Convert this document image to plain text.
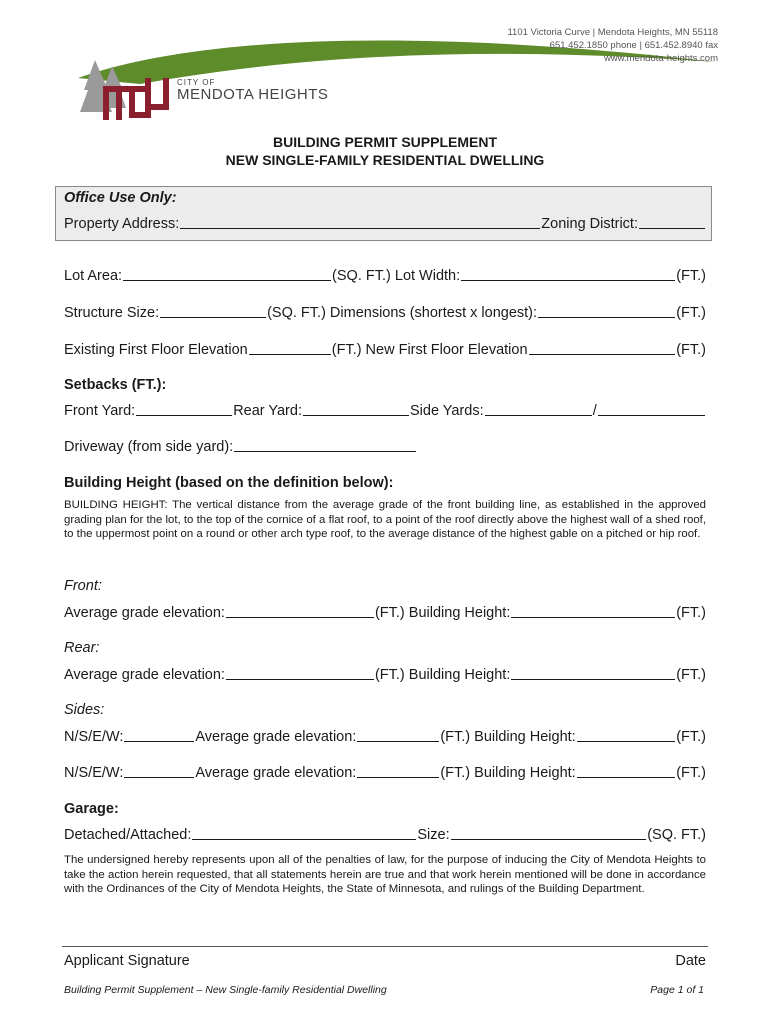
1101 Victoria Curve | Mendota Heights, MN 55118
651.452.1850 phone | 651.452.8940 fax
www.mendota-heights.com
CITY OF
MENDOTA HEIGHTS
BUILDING PERMIT SUPPLEMENT
NEW SINGLE-FAMILY RESIDENTIAL DWELLING
Office Use Only:
Property Address:	Zoning District:
Lot Area:	(SQ. FT.) Lot Width:	(FT.)
Structure Size:	(SQ. FT.) Dimensions (shortest x longest):	(FT.)
Existing First Floor Elevation	(FT.) New First Floor Elevation	(FT.)
Setbacks (FT.):
Front Yard:	Rear Yard:	Side Yards:	/
Driveway (from side yard):
Building Height (based on the definition below):
BUILDING HEIGHT: The vertical distance from the average grade of the front building line, as established in the approved grading plan for the lot, to the top of the cornice of a flat roof, to a point of the roof directly above the highest wall of a shed roof, to the uppermost point on a round or other arch type roof, to the average distance of the highest gable on a pitched or hip roof.
Front:
Average grade elevation:	(FT.) Building Height:	(FT.)
Rear:
Average grade elevation:	(FT.) Building Height:	(FT.)
Sides:
N/S/E/W:	Average grade elevation:	(FT.) Building Height:	(FT.)
N/S/E/W:	Average grade elevation:	(FT.) Building Height:	(FT.)
Garage:
Detached/Attached:	Size:	(SQ. FT.)
The undersigned hereby represents upon all of the penalties of law, for the purpose of inducing the City of Mendota Heights to take the action herein requested, that all statements herein are true and that work herein mentioned will be done in accordance with the Ordinances of the City of Mendota Heights, the State of Minnesota, and rulings of the Building Department.
Applicant Signature	Date
Building Permit Supplement – New Single-family Residential Dwelling	Page 1 of 1
